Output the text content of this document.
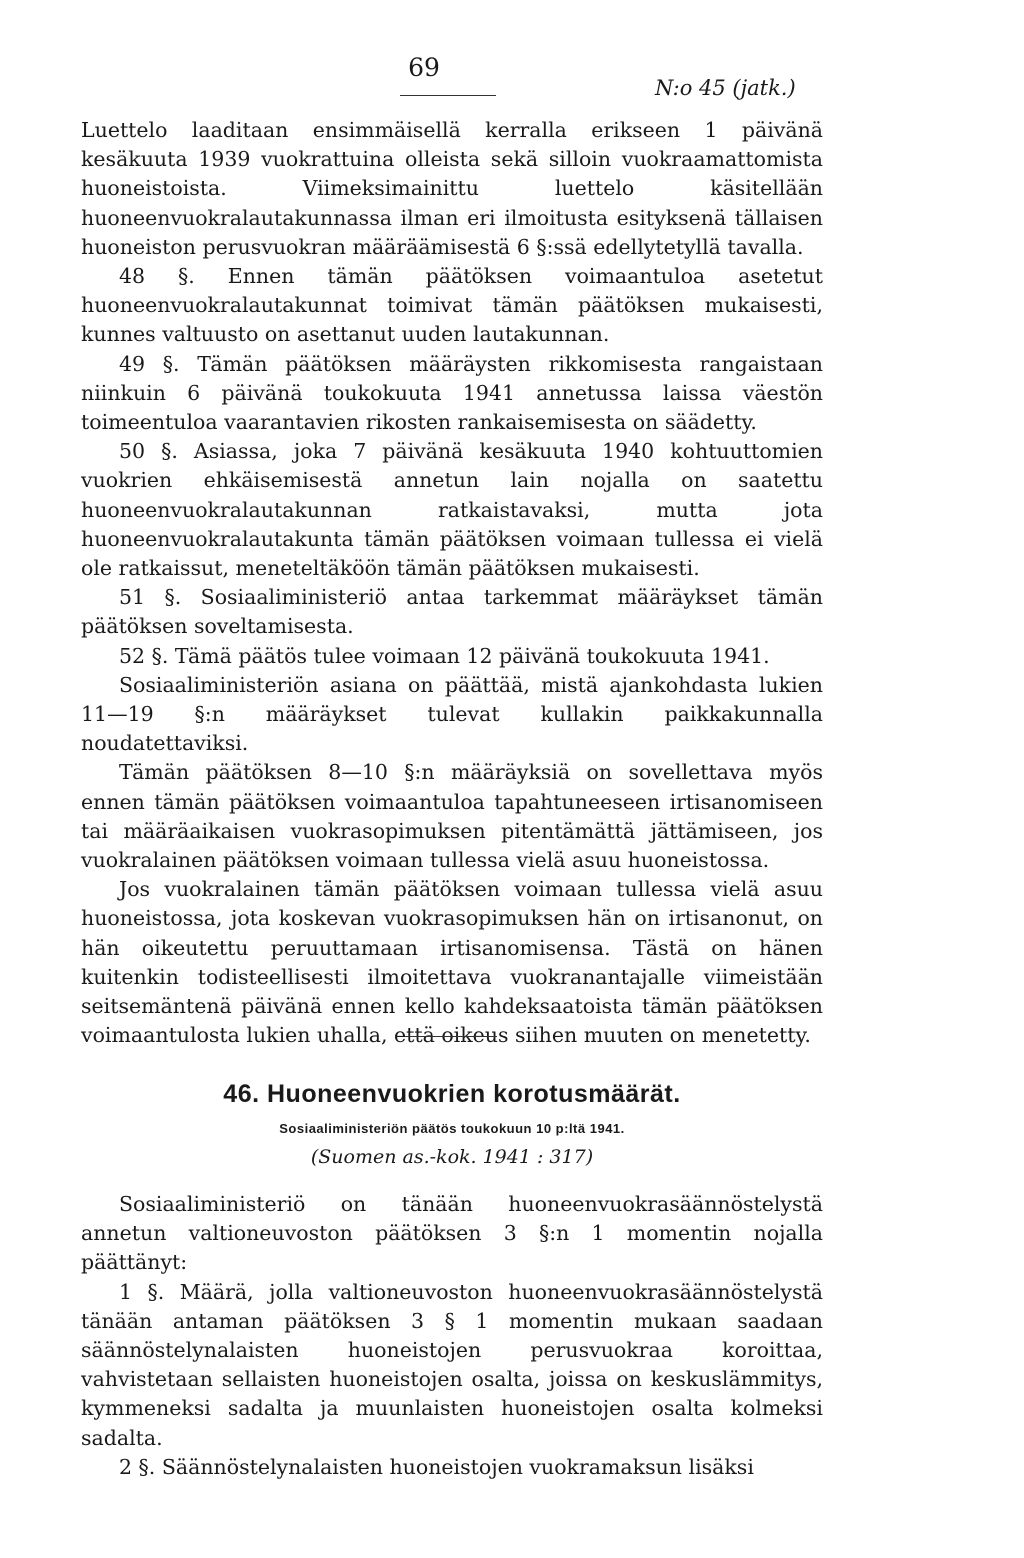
69
N:o 45 (jatk.)

Luettelo laaditaan ensimmäisellä kerralla erikseen 1 päivänä kesäkuuta 1939 vuokrattuina olleista sekä silloin vuokraamattomista huoneistoista. Viimeksimainittu luettelo käsitellään huoneenvuokralautakunnassa ilman eri ilmoitusta esityksenä tällaisen huoneiston perusvuokran määräämisestä 6 §:ssä edellytetyllä tavalla.

48 §. Ennen tämän päätöksen voimaantuloa asetetut huoneenvuokralautakunnat toimivat tämän päätöksen mukaisesti, kunnes valtuusto on asettanut uuden lautakunnan.

49 §. Tämän päätöksen määräysten rikkomisesta rangaistaan niinkuin 6 päivänä toukokuuta 1941 annetussa laissa väestön toimeentuloa vaarantavien rikosten rankaisemisesta on säädetty.

50 §. Asiassa, joka 7 päivänä kesäkuuta 1940 kohtuuttomien vuokrien ehkäisemisestä annetun lain nojalla on saatettu huoneenvuokralautakunnan ratkaistavaksi, mutta jota huoneenvuokralautakunta tämän päätöksen voimaan tullessa ei vielä ole ratkaissut, meneteltäköön tämän päätöksen mukaisesti.

51 §. Sosiaaliministeriö antaa tarkemmat määräykset tämän päätöksen soveltamisesta.

52 §. Tämä päätös tulee voimaan 12 päivänä toukokuuta 1941.

Sosiaaliministeriön asiana on päättää, mistä ajankohdasta lukien 11—19 §:n määräykset tulevat kullakin paikkakunnalla noudatettaviksi.

Tämän päätöksen 8—10 §:n määräyksiä on sovellettava myös ennen tämän päätöksen voimaantuloa tapahtuneeseen irtisanomiseen tai määräaikaisen vuokrasopimuksen pitentämättä jättämiseen, jos vuokralainen päätöksen voimaan tullessa vielä asuu huoneistossa.

Jos vuokralainen tämän päätöksen voimaan tullessa vielä asuu huoneistossa, jota koskevan vuokrasopimuksen hän on irtisanonut, on hän oikeutettu peruuttamaan irtisanomisensa. Tästä on hänen kuitenkin todisteellisesti ilmoitettava vuokranantajalle viimeistään seitsemäntenä päivänä ennen kello kahdeksaatoista tämän päätöksen voimaantulosta lukien uhalla, että oikeus siihen muuten on menetetty.

46. Huoneenvuokrien korotusmäärät.
Sosiaaliministeriön päätös toukokuun 10 p:ltä 1941.
(Suomen as.-kok. 1941 : 317)

Sosiaaliministeriö on tänään huoneenvuokrasäännöstelystä annetun valtioneuvoston päätöksen 3 §:n 1 momentin nojalla päättänyt:

1 §. Määrä, jolla valtioneuvoston huoneenvuokrasäännöstelystä tänään antaman päätöksen 3 § 1 momentin mukaan saadaan säännöstelynalaisten huoneistojen perusvuokraa koroittaa, vahvistetaan sellaisten huoneistojen osalta, joissa on keskuslämmitys, kymmeneksi sadalta ja muunlaisten huoneistojen osalta kolmeksi sadalta.

2 §. Säännöstelynalaisten huoneistojen vuokramaksun lisäksi
